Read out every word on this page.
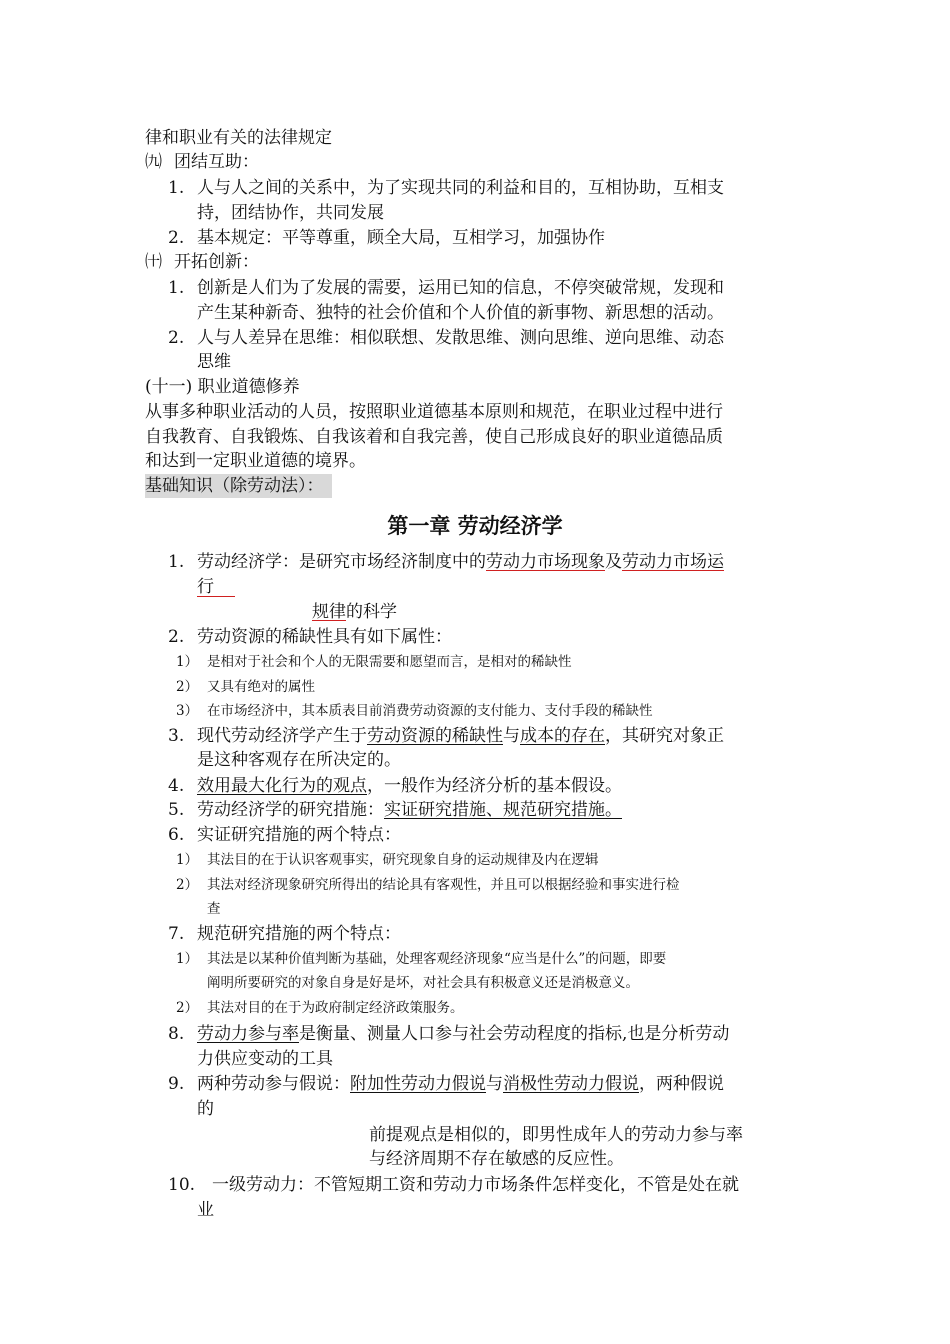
律和职业有关的法律规定
㈨ 团结互助：
1. 人与人之间的关系中，为了实现共同的利益和目的，互相协助，互相支
持，团结协作，共同发展
2. 基本规定：平等尊重，顾全大局，互相学习，加强协作
㈩ 开拓创新：
1. 创新是人们为了发展的需要，运用已知的信息，不停突破常规，发现和
产生某种新奇、独特的社会价值和个人价值的新事物、新思想的活动。
2. 人与人差异在思维：相似联想、发散思维、测向思维、逆向思维、动态
思维
(十一) 职业道德修养
从事多种职业活动的人员，按照职业道德基本原则和规范，在职业过程中进行
自我教育、自我锻炼、自我该着和自我完善，使自己形成良好的职业道德品质
和达到一定职业道德的境界。
基础知识（除劳动法）：
第一章 劳动经济学
1. 劳动经济学：是研究市场经济制度中的劳动力市场现象及劳动力市场运
行
规律的科学
2. 劳动资源的稀缺性具有如下属性：
1） 是相对于社会和个人的无限需要和愿望而言，是相对的稀缺性
2） 又具有绝对的属性
3） 在市场经济中，其本质表目前消费劳动资源的支付能力、支付手段的稀缺性
3. 现代劳动经济学产生于劳动资源的稀缺性与成本的存在，其研究对象正
是这种客观存在所决定的。
4. 效用最大化行为的观点，一般作为经济分析的基本假设。
5. 劳动经济学的研究措施：实证研究措施、规范研究措施。
6. 实证研究措施的两个特点：
1） 其法目的在于认识客观事实，研究现象自身的运动规律及内在逻辑
2） 其法对经济现象研究所得出的结论具有客观性，并且可以根据经验和事实进行检
查
7. 规范研究措施的两个特点：
1） 其法是以某种价值判断为基础，处理客观经济现象“应当是什么”的问题，即要
阐明所要研究的对象自身是好是坏，对社会具有积极意义还是消极意义。
2） 其法对目的在于为政府制定经济政策服务。
8. 劳动力参与率是衡量、测量人口参与社会劳动程度的指标,也是分析劳动
力供应变动的工具
9. 两种劳动参与假说：附加性劳动力假说与消极性劳动力假说，两种假说
的
前提观点是相似的，即男性成年人的劳动力参与率
与经济周期不存在敏感的反应性。
10. 一级劳动力：不管短期工资和劳动力市场条件怎样变化，不管是处在就
业
